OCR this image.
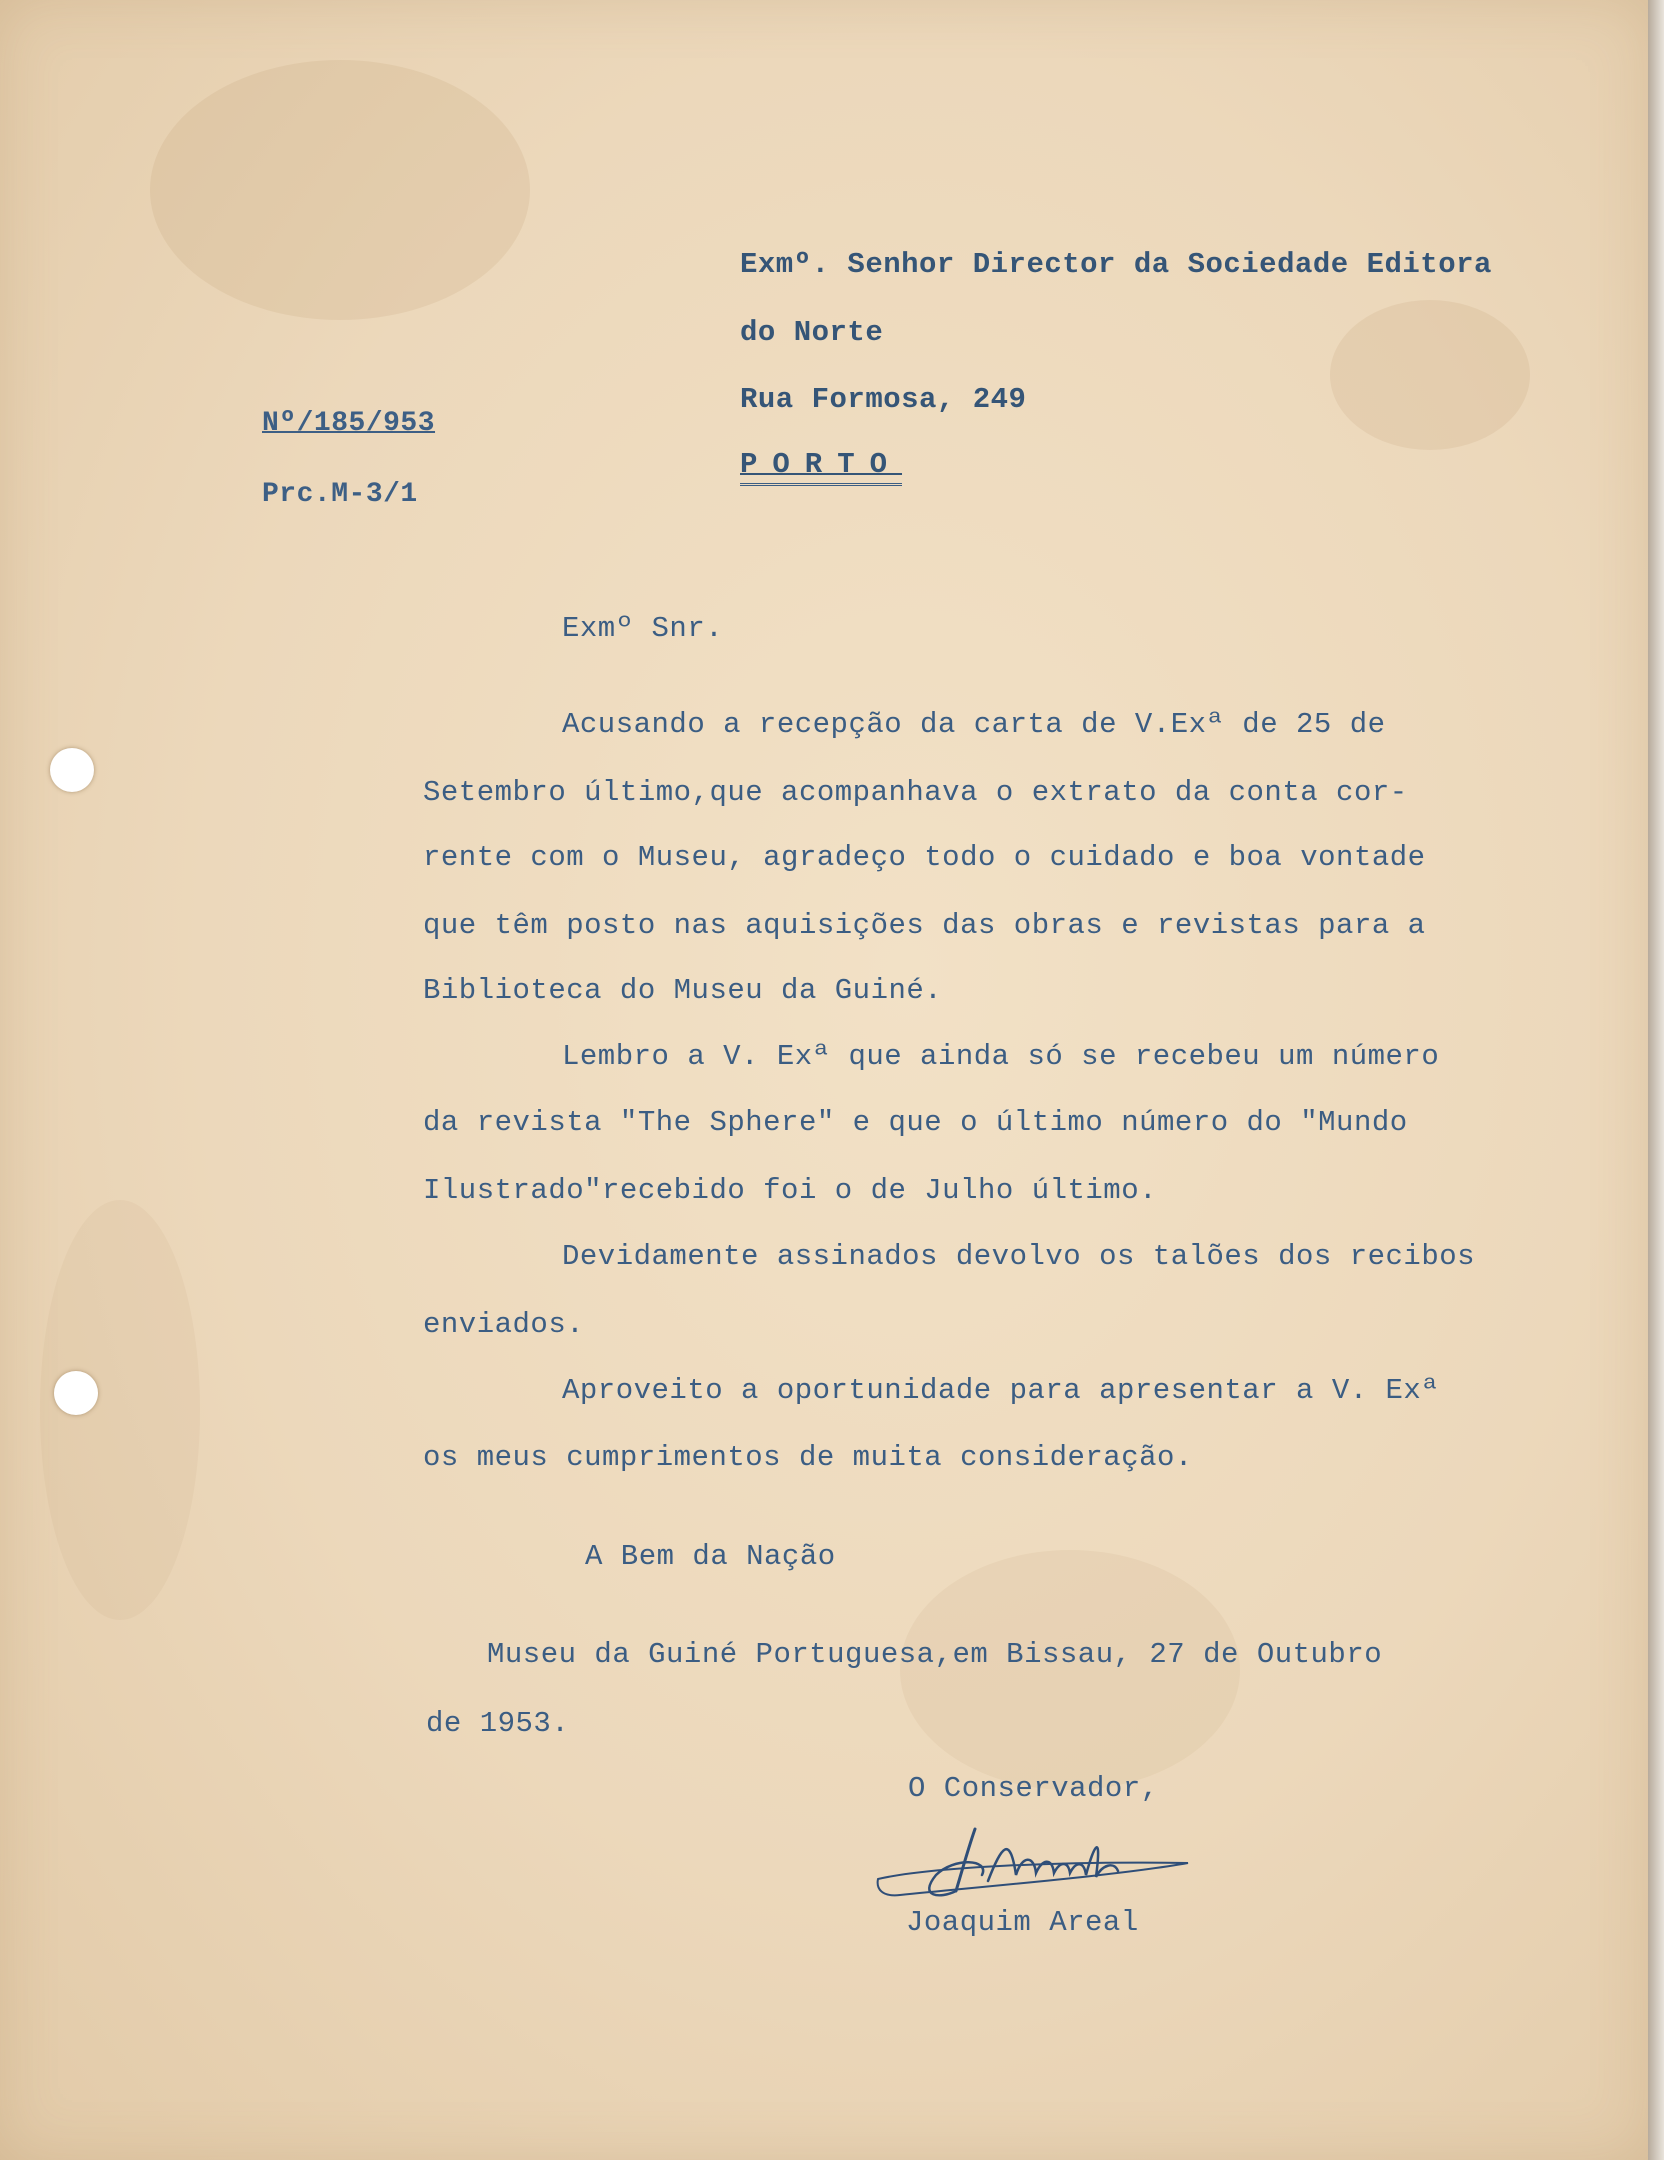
Exmº. Senhor Director da Sociedade Editora

do Norte

Rua Formosa, 249

PORTO

Nº/185/953

Prc.M-3/1

Exmº Snr.

Acusando a recepção da carta de V.Exª de 25 de

Setembro último,que acompanhava o extrato da conta cor-

rente com o Museu, agradeço todo o cuidado e boa vontade

que têm posto nas aquisições das obras e revistas para a

Biblioteca do Museu da Guiné.

Lembro a V. Exª que ainda só se recebeu um número

da revista "The Sphere" e que o último número do "Mundo

Ilustrado"recebido foi o de Julho último.

Devidamente assinados devolvo os talões dos recibos

enviados.

Aproveito a oportunidade para apresentar a V. Exª

os meus cumprimentos de muita consideração.

A Bem da Nação

Museu da Guiné Portuguesa,em Bissau, 27 de Outubro

de 1953.

O Conservador,

Joaquim Areal
